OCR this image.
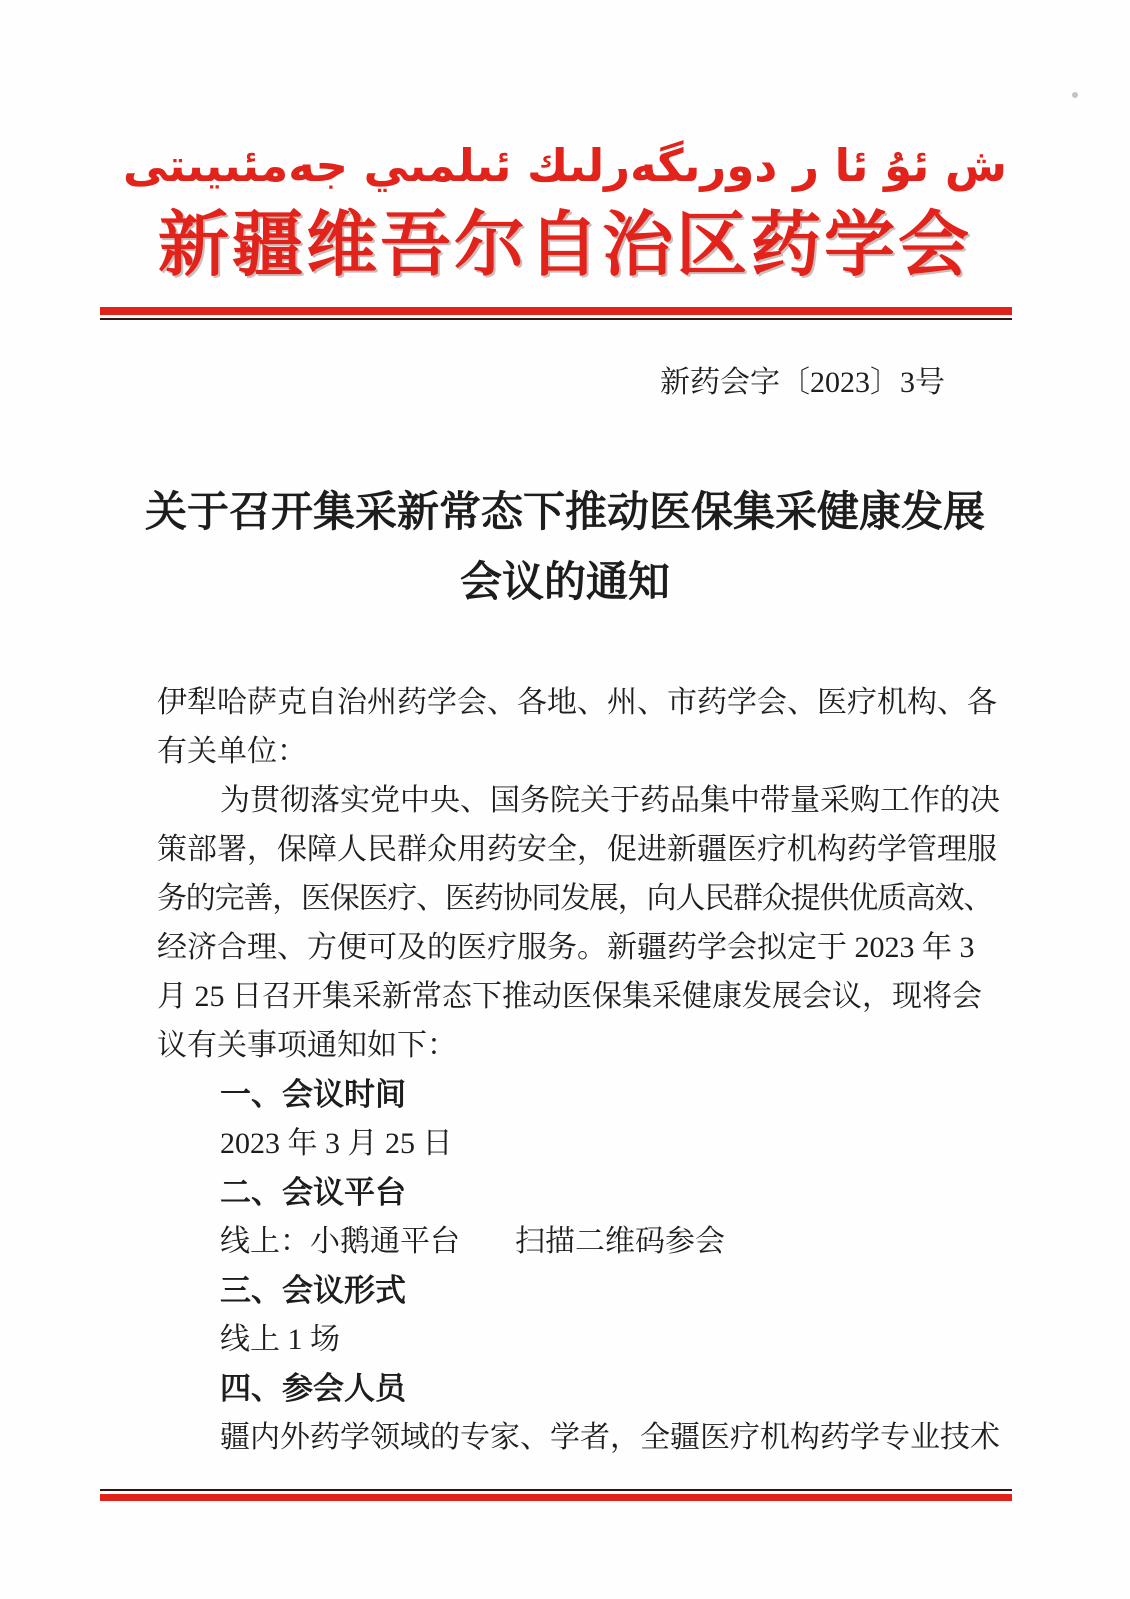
ش ئۇ ئا ر دورىگەرلىك ئىلمىي جەمئىيىتى
新疆维吾尔自治区药学会
新药会字〔2023〕3号
关于召开集采新常态下推动医保集采健康发展
会议的通知
伊犁哈萨克自治州药学会、各地、州、市药学会、医疗机构、各
有关单位：
为贯彻落实党中央、国务院关于药品集中带量采购工作的决
策部署，保障人民群众用药安全，促进新疆医疗机构药学管理服
务的完善，医保医疗、医药协同发展，向人民群众提供优质高效、
经济合理、方便可及的医疗服务。新疆药学会拟定于 2023 年 3
月 25 日召开集采新常态下推动医保集采健康发展会议，现将会
议有关事项通知如下：
一、会议时间
2023 年 3 月 25 日
二、会议平台
线上：小鹅通平台 扫描二维码参会
三、会议形式
线上 1 场
四、参会人员
疆内外药学领域的专家、学者，全疆医疗机构药学专业技术
